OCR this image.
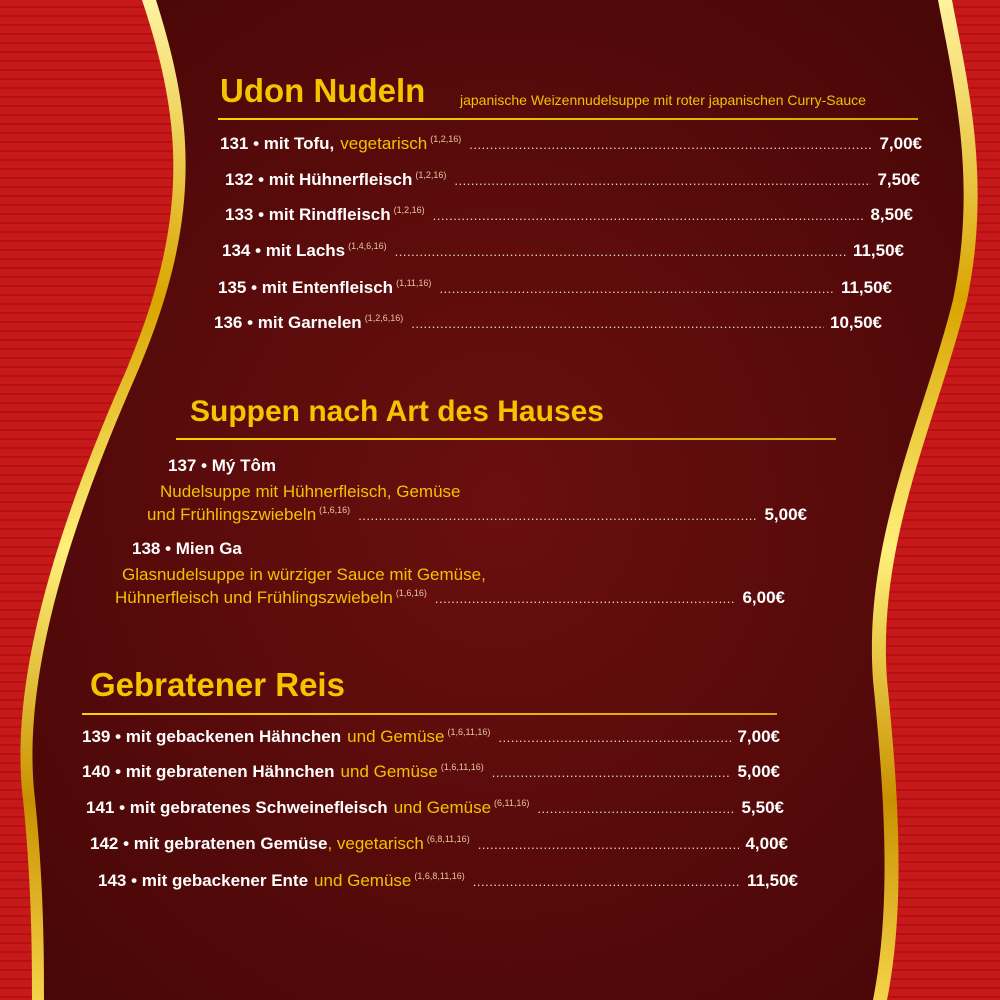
Udon Nudeln japanische Weizennudelsuppe mit roter japanischen Curry-Sauce
131 • mit Tofu, vegetarisch (1,2,16) .....	7,00€
132 • mit Hühnerfleisch (1,2,16) .....	7,50€
133 • mit Rindfleisch (1,2,16) .....	8,50€
134 • mit Lachs (1,4,6,16) .....	11,50€
135 • mit Entenfleisch (1,11,16) .....	11,50€
136 • mit Garnelen (1,2,6,16) .....	10,50€
Suppen nach Art des Hauses
137 • Mý Tôm
Nudelsuppe mit Hühnerfleisch, Gemüse
und Frühlingszwiebeln (1,6,16) .....	5,00€
138 • Mien Ga
Glasnudelsuppe in würziger Sauce mit Gemüse,
Hühnerfleisch und Frühlingszwiebeln (1,6,16) .....	6,00€
Gebratener Reis
139 • mit gebackenen Hähnchen und Gemüse (1,6,11,16) .....	7,00€
140 • mit gebratenen Hähnchen und Gemüse (1,6,11,16) .....	5,00€
141 • mit gebratenes Schweinefleisch und Gemüse (6,11,16) .....	5,50€
142 • mit gebratenen Gemüse , vegetarisch (6,8,11,16) .....	4,00€
143 • mit gebackener Ente und Gemüse (1,6,8,11,16) .....	11,50€
